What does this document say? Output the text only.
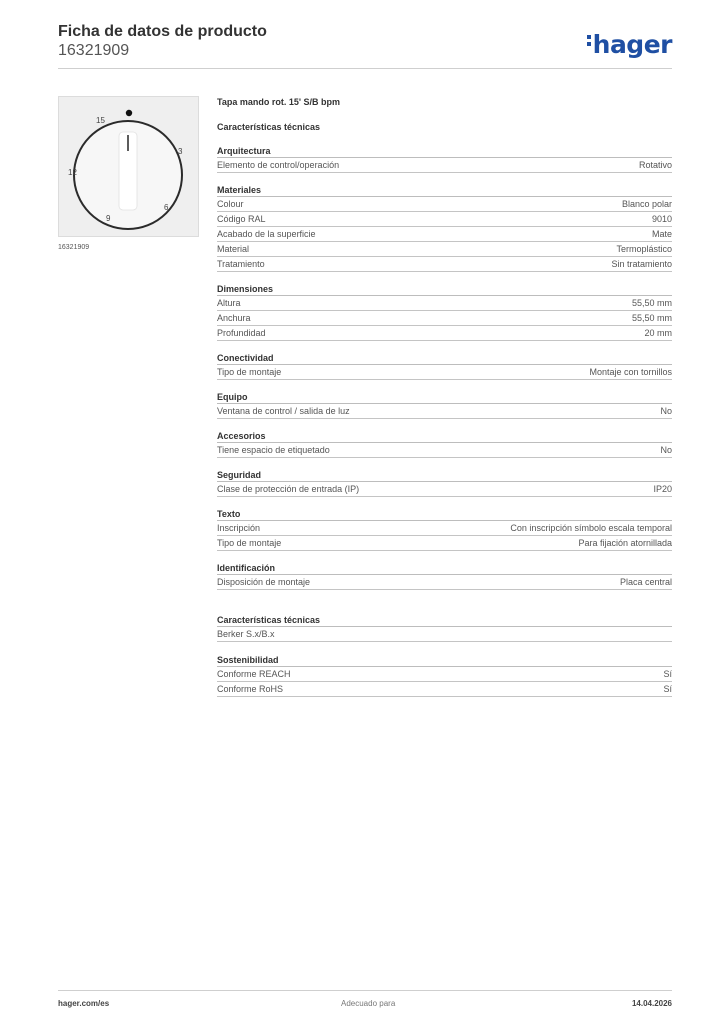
Ficha de datos de producto
16321909	hager
15
3
12
6
9
16321909
Tapa mando rot. 15' S/B bpm
Características técnicas
Arquitectura
Elemento de control/operación	Rotativo
Materiales
Colour	Blanco polar
Código RAL	9010
Acabado de la superficie	Mate
Material	Termoplástico
Tratamiento	Sin tratamiento
Dimensiones
Altura	55,50 mm
Anchura	55,50 mm
Profundidad	20 mm
Conectividad
Tipo de montaje	Montaje con tornillos
Equipo
Ventana de control / salida de luz	No
Accesorios
Tiene espacio de etiquetado	No
Seguridad
Clase de protección de entrada (IP)	IP20
Texto
Inscripción	Con inscripción símbolo escala temporal
Tipo de montaje	Para fijación atornillada
Identificación
Disposición de montaje	Placa central
Características técnicas
Berker S.x/B.x
Sostenibilidad
Conforme REACH	Sí
Conforme RoHS	Sí
hager.com/es	Adecuado para	14.04.2026
